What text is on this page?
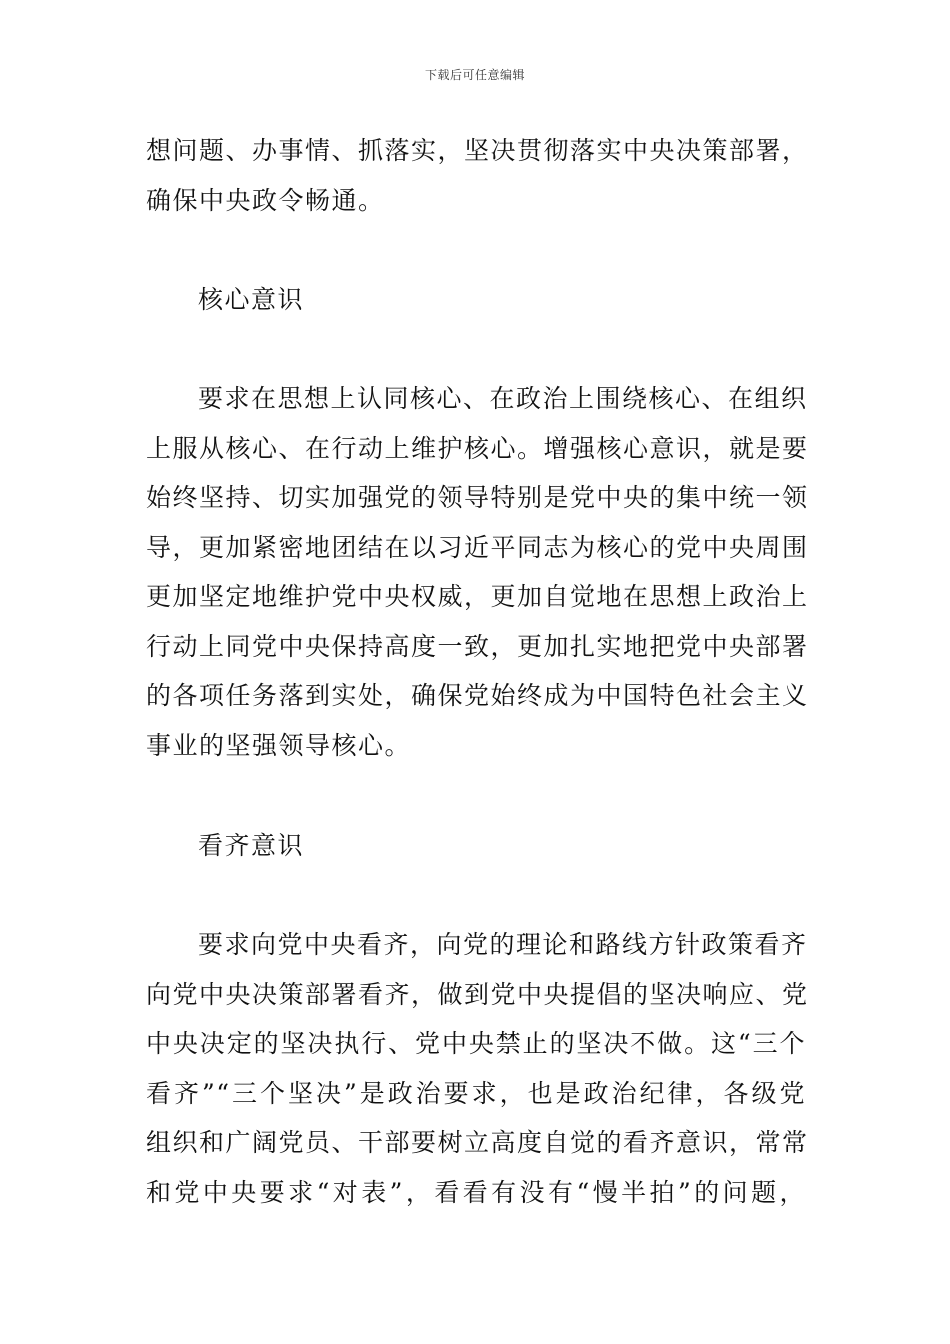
下载后可任意编辑
想问题、办事情、抓落实，坚决贯彻落实中央决策部署，
确保中央政令畅通。
核心意识
要求在思想上认同核心、在政治上围绕核心、在组织
上服从核心、在行动上维护核心。增强核心意识，就是要
始终坚持、切实加强党的领导特别是党中央的集中统一领
导，更加紧密地团结在以习近平同志为核心的党中央周围
更加坚定地维护党中央权威，更加自觉地在思想上政治上
行动上同党中央保持高度一致，更加扎实地把党中央部署
的各项任务落到实处，确保党始终成为中国特色社会主义
事业的坚强领导核心。
看齐意识
要求向党中央看齐，向党的理论和路线方针政策看齐
向党中央决策部署看齐，做到党中央提倡的坚决响应、党
中央决定的坚决执行、党中央禁止的坚决不做。这“三个
看齐”“三个坚决”是政治要求，也是政治纪律，各级党
组织和广阔党员、干部要树立高度自觉的看齐意识，常常
和党中央要求“对表”，看看有没有“慢半拍”的问题，
